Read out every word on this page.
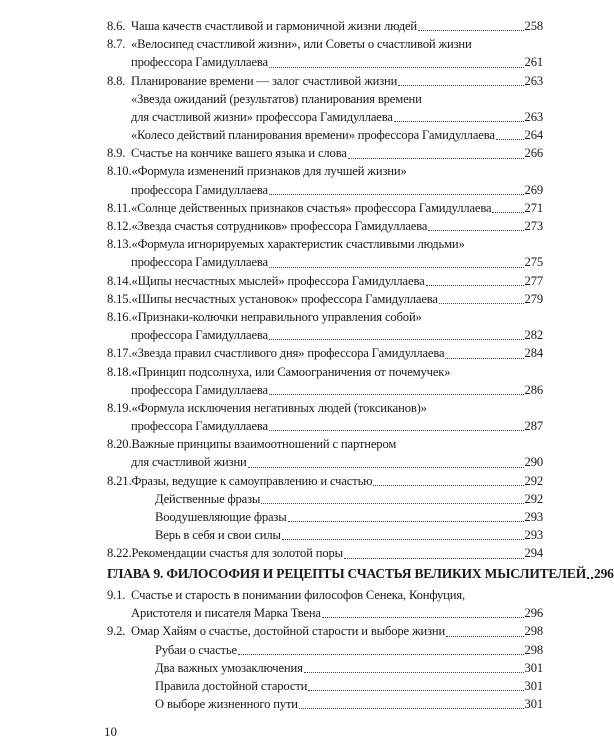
8.6. Чаша качеств счастливой и гармоничной жизни людей	258
8.7. «Велосипед счастливой жизни», или Советы о счастливой жизни
профессора Гамидуллаева	261
8.8. Планирование времени — залог счастливой жизни	263
«Звезда ожиданий (результатов) планирования времени
для счастливой жизни» профессора Гамидуллаева	263
«Колесо действий планирования времени» профессора Гамидуллаева 264
8.9. Счастье на кончике вашего языка и слова	266
8.10. «Формула изменений признаков для лучшей жизни»
профессора Гамидуллаева	269
8.11. «Солнце действенных признаков счастья» профессора Гамидуллаева	271
8.12. «Звезда счастья сотрудников» профессора Гамидуллаева	273
8.13. «Формула игнорируемых характеристик счастливыми людьми»
профессора Гамидуллаева	275
8.14. «Щипы несчастных мыслей» профессора Гамидуллаева	277
8.15. «Шипы несчастных установок» профессора Гамидуллаева	279
8.16. «Признаки-колючки неправильного управления собой»
профессора Гамидуллаева	282
8.17. «Звезда правил счастливого дня» профессора Гамидуллаева	284
8.18. «Принцип подсолнуха, или Самоограничения от почемучек»
профессора Гамидуллаева	286
8.19. «Формула исключения негативных людей (токсиканов)»
профессора Гамидуллаева	287
8.20. Важные принципы взаимоотношений с партнером
для счастливой жизни	290
8.21. Фразы, ведущие к самоуправлению и счастью	292
Действенные фразы	292
Воодушевляющие фразы	293
Верь в себя и свои силы	293
8.22. Рекомендации счастья для золотой поры	294
ГЛАВА 9. ФИЛОСОФИЯ И РЕЦЕПТЫ СЧАСТЬЯ ВЕЛИКИХ МЫСЛИТЕЛЕЙ 296
9.1. Счастье и старость в понимании философов Сенека, Конфуция,
Аристотеля и писателя Марка Твена	296
9.2. Омар Хайям о счастье, достойной старости и выборе жизни	298
Рубаи о счастье	298
Два важных умозаключения	301
Правила достойной старости	301
О выборе жизненного пути	301
10
